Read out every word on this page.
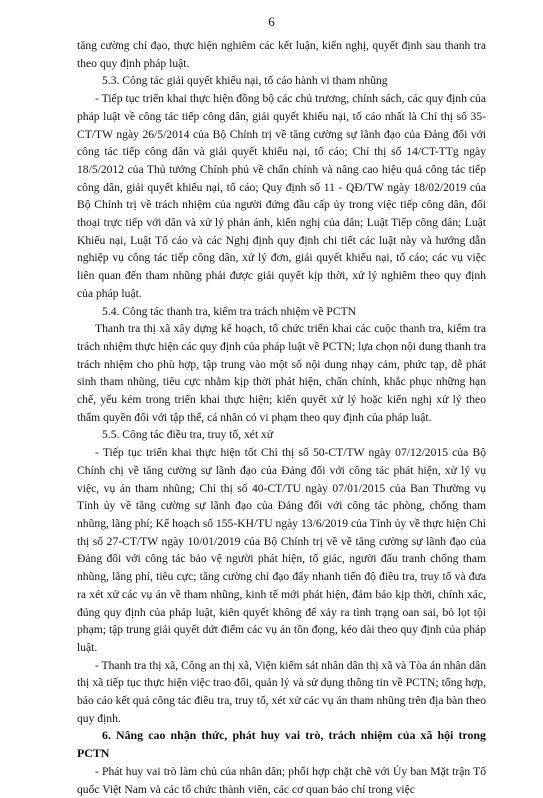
6

tăng cường chỉ đạo, thực hiện nghiêm các kết luận, kiến nghị, quyết định sau thanh tra theo quy định pháp luật.

5.3. Công tác giải quyết khiếu nại, tố cáo hành vi tham nhũng

- Tiếp tục triển khai thực hiện đồng bộ các chủ trương, chính sách, các quy định của pháp luật về công tác tiếp công dân, giải quyết khiếu nại, tố cáo nhất là Chỉ thị số 35-CT/TW ngày 26/5/2014 của Bộ Chính trị về tăng cường sự lãnh đạo của Đảng đối với công tác tiếp công dân và giải quyết khiếu nại, tố cáo; Chỉ thị số 14/CT-TTg ngày 18/5/2012 của Thủ tướng Chính phủ về chấn chỉnh và nâng cao hiệu quả công tác tiếp công dân, giải quyết khiếu nại, tố cáo; Quy định số 11 - QĐ/TW ngày 18/02/2019 của Bộ Chính trị về trách nhiệm của người đứng đầu cấp ủy trong việc tiếp công dân, đối thoại trực tiếp với dân và xử lý phản ánh, kiến nghị của dân; Luật Tiếp công dân; Luật Khiếu nại, Luật Tố cáo và các Nghị định quy định chi tiết các luật này và hướng dẫn nghiệp vụ công tác tiếp công dân, xử lý đơn, giải quyết khiếu nại, tố cáo; các vụ việc liên quan đến tham nhũng phải được giải quyết kịp thời, xử lý nghiêm theo quy định của pháp luật.

5.4. Công tác thanh tra, kiểm tra trách nhiệm về PCTN

Thanh tra thị xã xây dựng kế hoạch, tổ chức triển khai các cuộc thanh tra, kiểm tra trách nhiệm thực hiện các quy định của pháp luật về PCTN; lựa chọn nội dung thanh tra trách nhiệm cho phù hợp, tập trung vào một số nội dung nhạy cảm, phức tạp, dễ phát sinh tham nhũng, tiêu cực nhằm kịp thời phát hiện, chấn chỉnh, khắc phục những hạn chế, yếu kém trong triển khai thực hiện; kiến quyết xử lý hoặc kiến nghị xử lý theo thẩm quyền đối với tập thể, cá nhân có vi phạm theo quy định của pháp luật.

5.5. Công tác điều tra, truy tố, xét xử

- Tiếp tục triển khai thực hiện tốt Chỉ thị số 50-CT/TW ngày 07/12/2015 của Bộ Chính chị về tăng cường sự lãnh đạo của Đảng đối với công tác phát hiện, xử lý vụ việc, vụ án tham nhũng; Chỉ thị số 40-CT/TU ngày 07/01/2015 của Ban Thường vụ Tỉnh ủy về tăng cường sự lãnh đạo của Đảng đối với công tác phòng, chống tham nhũng, lãng phí; Kế hoạch số 155-KH/TU ngày 13/6/2019 của Tỉnh ủy về thực hiện Chỉ thị số 27-CT/TW ngày 10/01/2019 của Bộ Chính trị về về tăng cường sự lãnh đạo của Đảng đối với công tác bảo vệ người phát hiện, tố giác, người đấu tranh chống tham nhũng, lãng phí, tiêu cực; tăng cường chỉ đạo đẩy nhanh tiến độ điều tra, truy tố và đưa ra xét xử các vụ án về tham nhũng, kinh tế mới phát hiện, đảm bảo kịp thời, chính xác, đúng quy định của pháp luật, kiên quyết không để xảy ra tình trạng oan sai, bỏ lọt tội phạm; tập trung giải quyết dứt điểm các vụ án tồn đọng, kéo dài theo quy định của pháp luật.

- Thanh tra thị xã, Công an thị xã, Viện kiểm sát nhân dân thị xã và Tòa án nhân dân thị xã tiếp tục thực hiện việc trao đổi, quản lý và sử dụng thông tin về PCTN; tổng hợp, báo cáo kết quả công tác điều tra, truy tố, xét xử các vụ án tham nhũng trên địa bàn theo quy định.

6. Nâng cao nhận thức, phát huy vai trò, trách nhiệm của xã hội trong PCTN

- Phát huy vai trò làm chủ của nhân dân; phối hợp chặt chẽ với Ủy ban Mặt trận Tổ quốc Việt Nam và các tổ chức thành viên, các cơ quan báo chí trong việc
